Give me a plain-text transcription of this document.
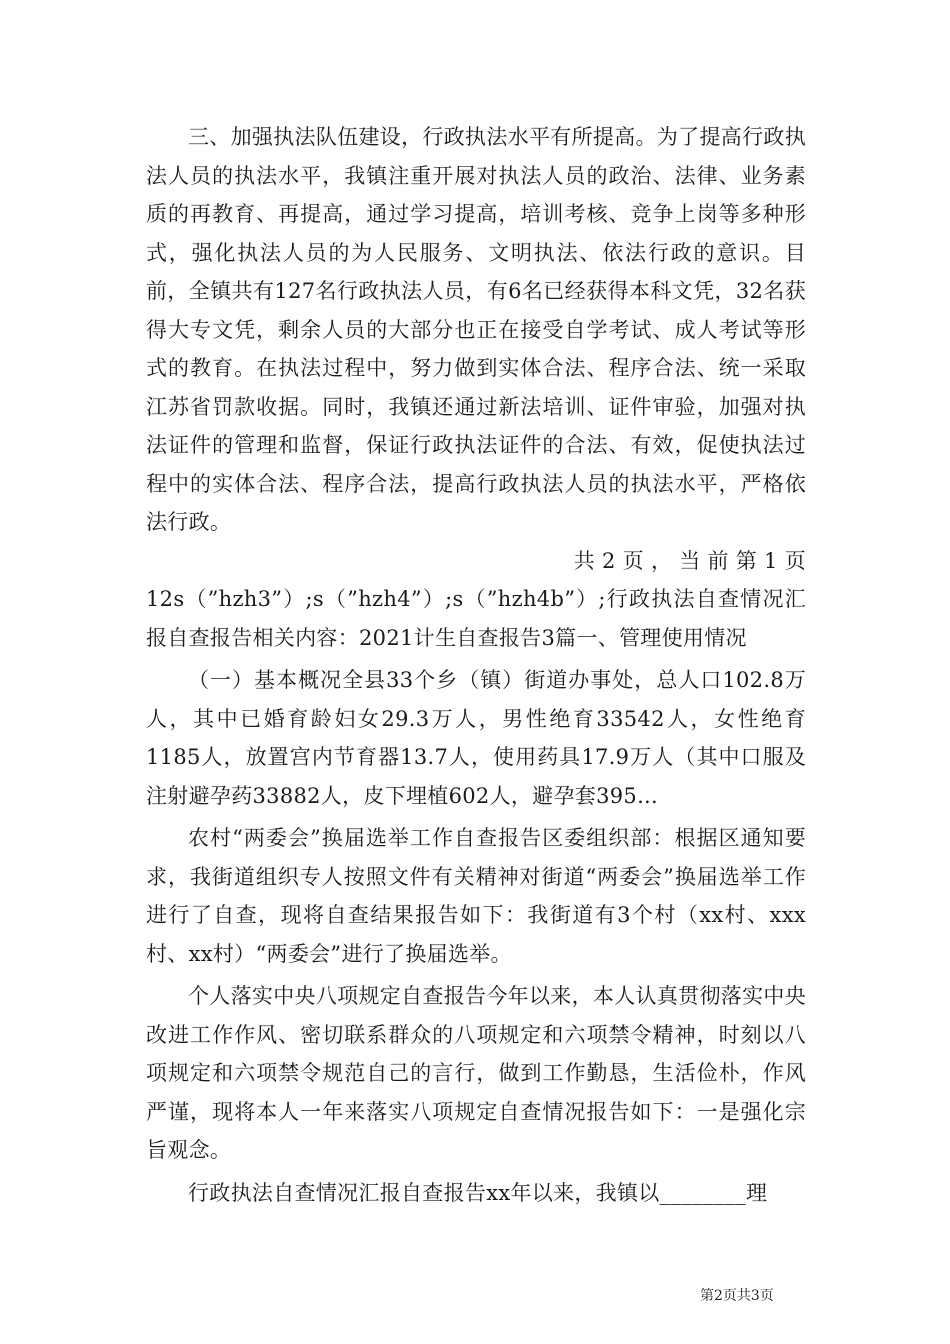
三、加强执法队伍建设，行政执法水平有所提高。为了提高行政执法人员的执法水平，我镇注重开展对执法人员的政治、法律、业务素质的再教育、再提高，通过学习提高，培训考核、竞争上岗等多种形式，强化执法人员的为人民服务、文明执法、依法行政的意识。目前，全镇共有127名行政执法人员，有6名已经获得本科文凭，32名获得大专文凭，剩余人员的大部分也正在接受自学考试、成人考试等形式的教育。在执法过程中，努力做到实体合法、程序合法、统一采取江苏省罚款收据。同时，我镇还通过新法培训、证件审验，加强对执法证件的管理和监督，保证行政执法证件的合法、有效，促使执法过程中的实体合法、程序合法，提高行政执法人员的执法水平，严格依法行政。

共 2 页 ， 当 前 第 1 页

12s（”hzh3”）;s（”hzh4”）;s（”hzh4b”）;行政执法自查情况汇报自查报告相关内容：2021计生自查报告3篇一、管理使用情况

（一）基本概况全县33个乡（镇）街道办事处，总人口102.8万人，其中已婚育龄妇女29.3万人，男性绝育33542人，女性绝育1185人，放置宫内节育器13.7人，使用药具17.9万人（其中口服及注射避孕药33882人，皮下埋植602人，避孕套395...

农村“两委会”换届选举工作自查报告区委组织部：根据区通知要求，我街道组织专人按照文件有关精神对街道“两委会”换届选举工作进行了自查，现将自查结果报告如下：我街道有3个村（xx村、xxx村、xx村）“两委会”进行了换届选举。

个人落实中央八项规定自查报告今年以来，本人认真贯彻落实中央改进工作作风、密切联系群众的八项规定和六项禁令精神，时刻以八项规定和六项禁令规范自己的言行，做到工作勤恳，生活俭朴，作风严谨，现将本人一年来落实八项规定自查情况报告如下：一是强化宗旨观念。

行政执法自查情况汇报自查报告xx年以来，我镇以________理

第2页共3页
